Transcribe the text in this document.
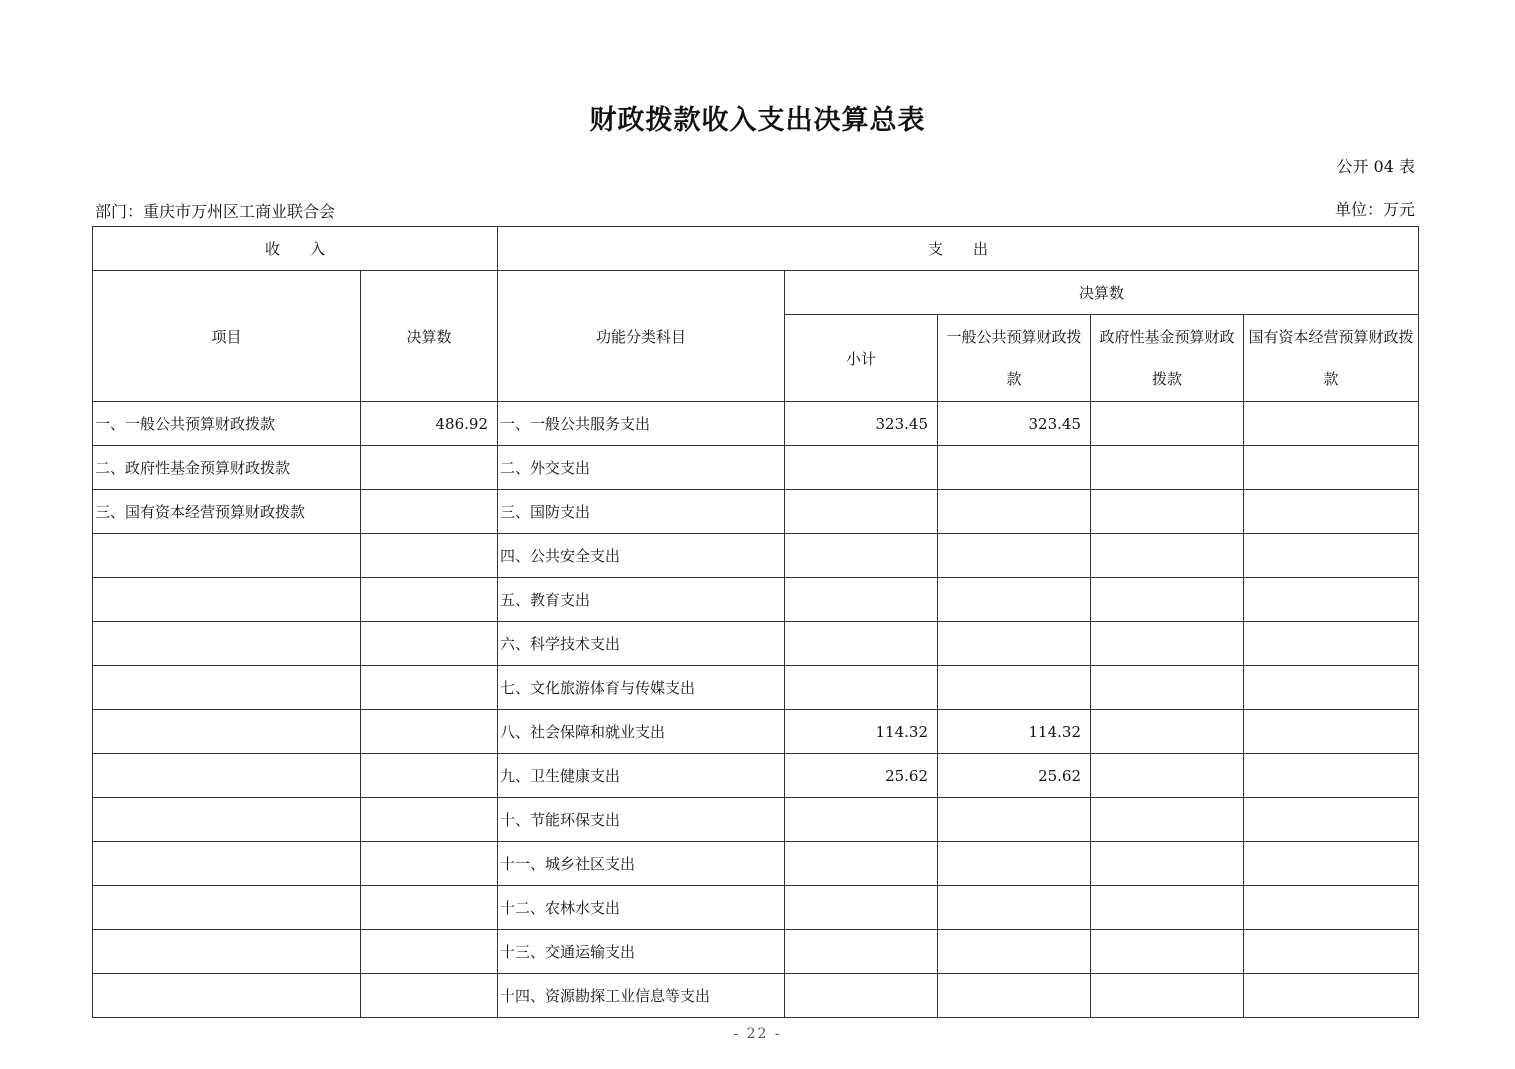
财政拨款收入支出决算总表
公开 04 表
部门：重庆市万州区工商业联合会	单位：万元
收　　入		支　　出				
项目	决算数	功能分类科目	决算数			
			小计	一般公共预算财政拨款	政府性基金预算财政拨款	国有资本经营预算财政拨款
一、一般公共预算财政拨款	486.92	一、一般公共服务支出	323.45	323.45		
二、政府性基金预算财政拨款		二、外交支出				
三、国有资本经营预算财政拨款		三、国防支出				
		四、公共安全支出				
		五、教育支出				
		六、科学技术支出				
		七、文化旅游体育与传媒支出				
		八、社会保障和就业支出	114.32	114.32		
		九、卫生健康支出	25.62	25.62		
		十、节能环保支出				
		十一、城乡社区支出				
		十二、农林水支出				
		十三、交通运输支出				
		十四、资源勘探工业信息等支出				
- 22 -
